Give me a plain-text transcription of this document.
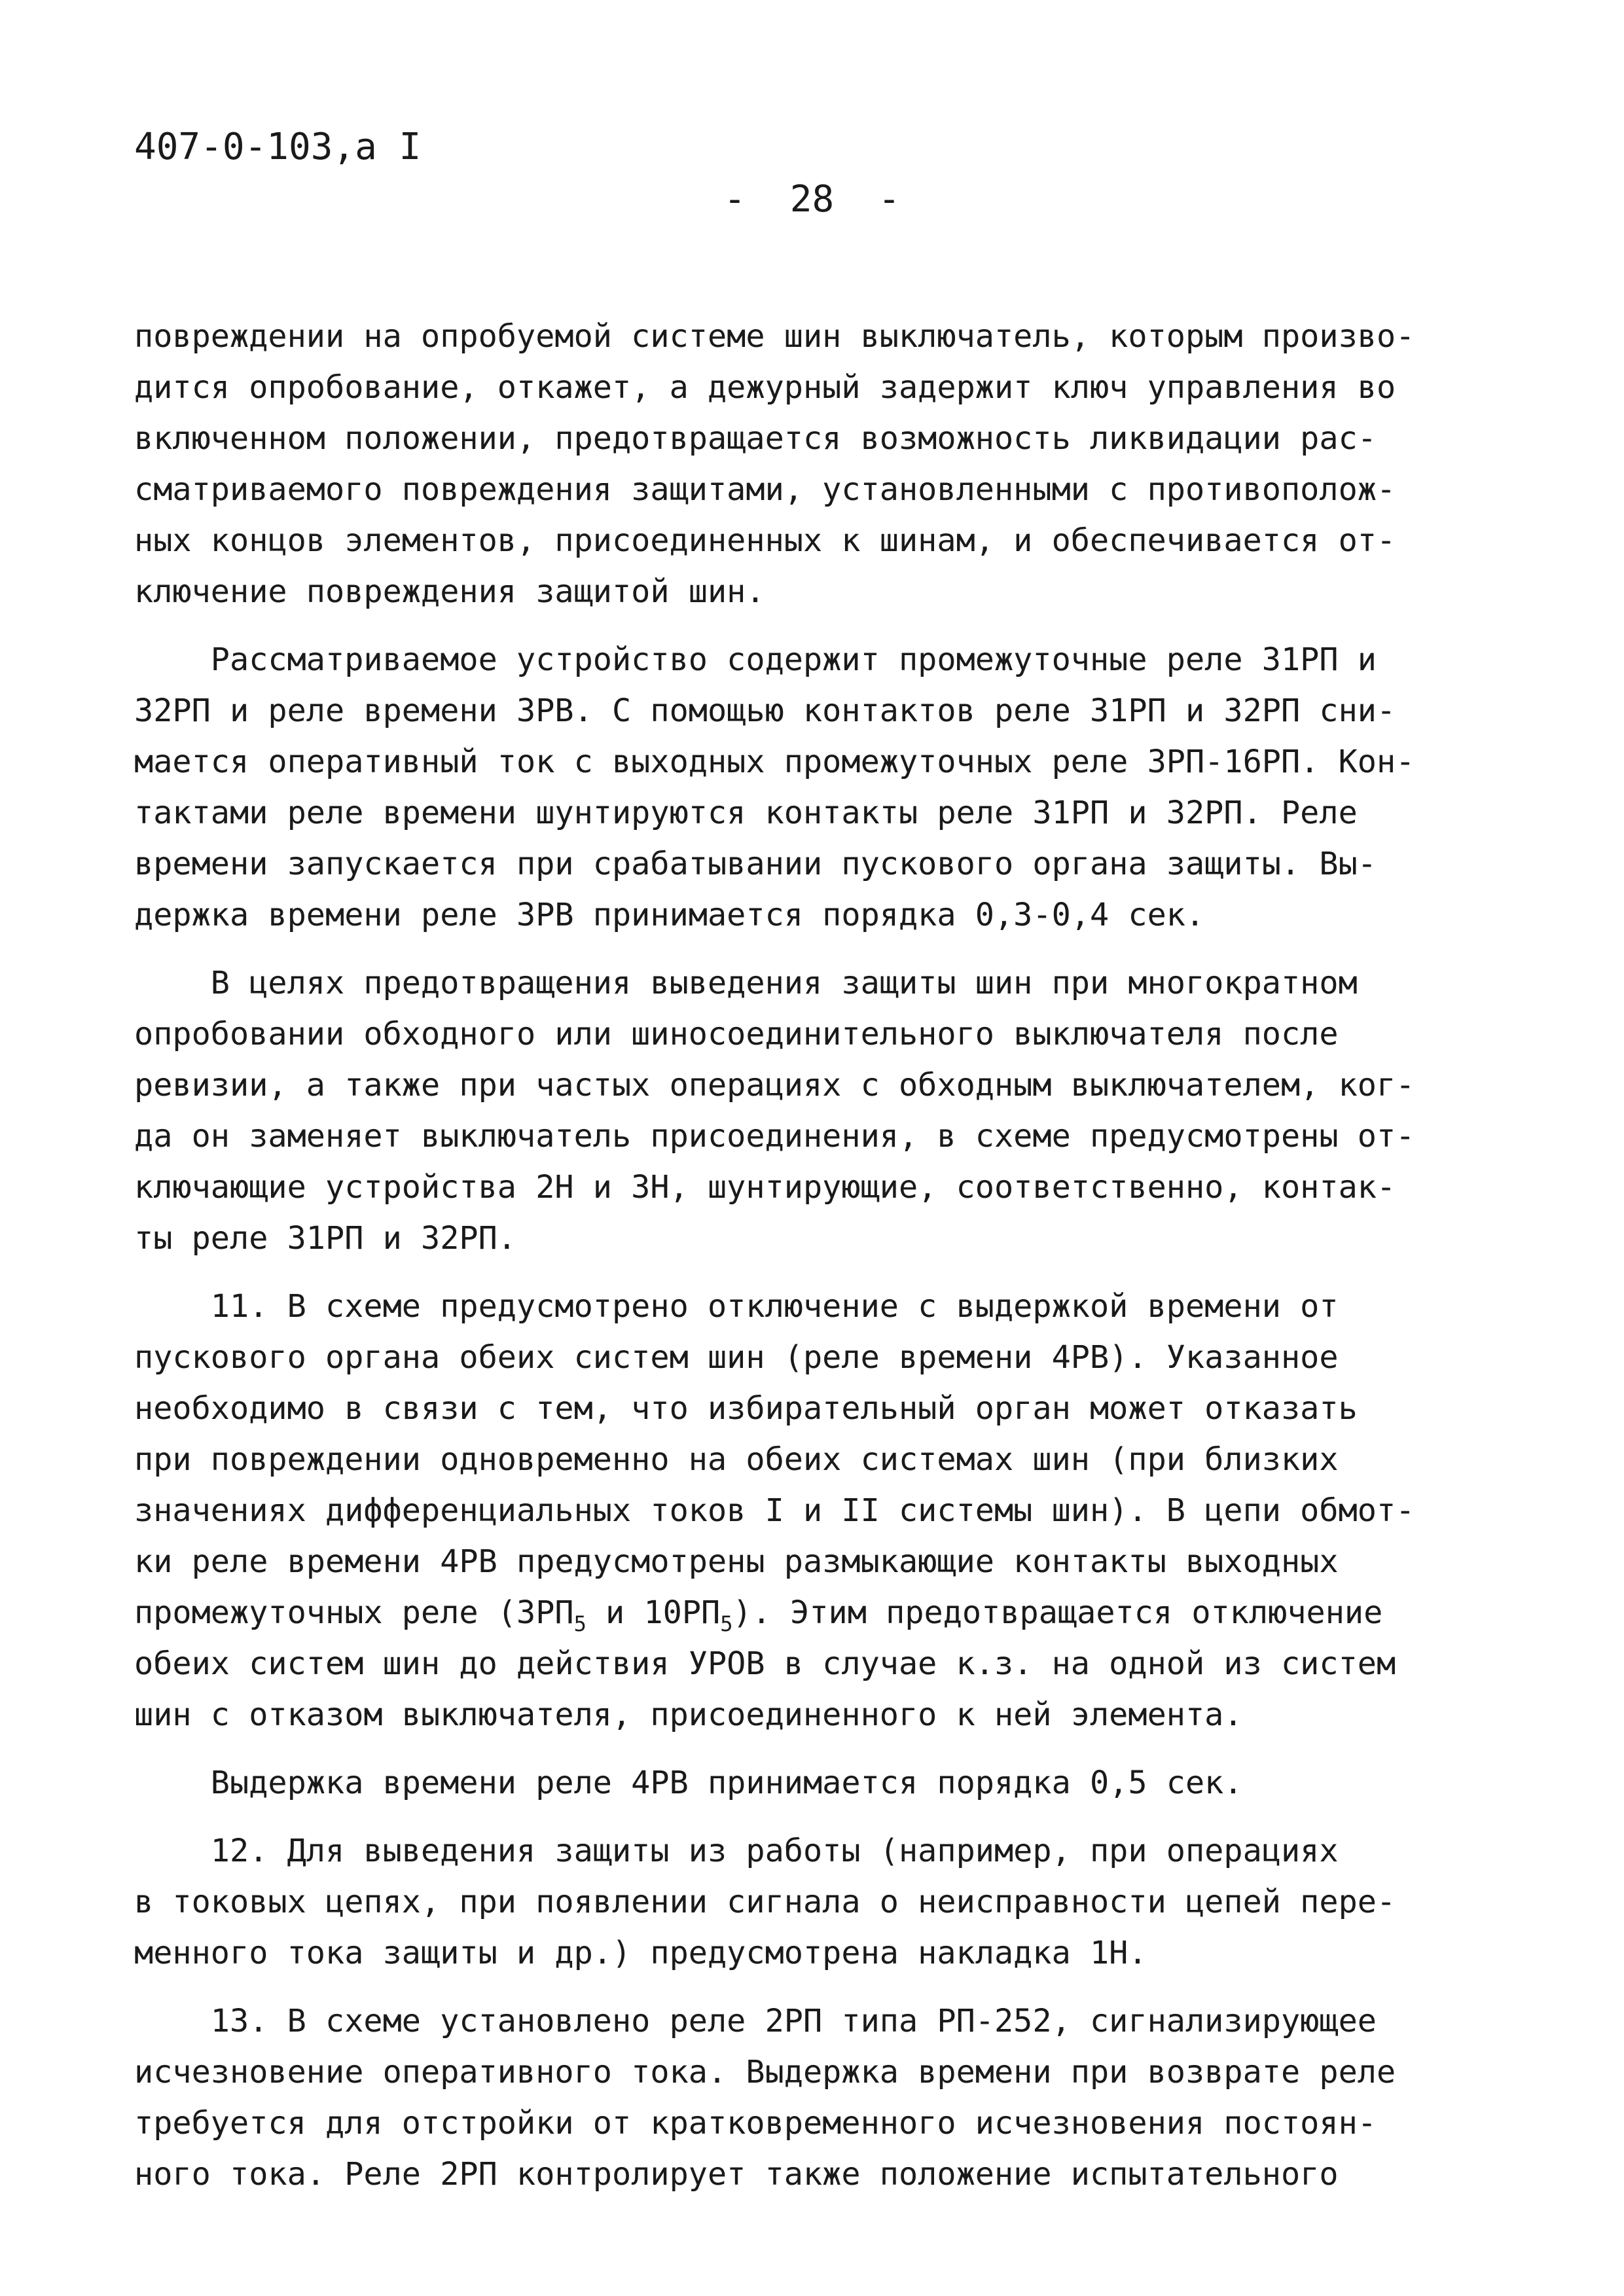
407-0-103,а I
-  28  -
повреждении на опробуемой системе шин выключатель, которым произво-
дится опробование, откажет, а дежурный задержит ключ управления во
включенном положении, предотвращается возможность ликвидации рас-
сматриваемого повреждения защитами, установленными с противополож-
ных концов элементов, присоединенных к шинам, и обеспечивается от-
ключение повреждения защитой шин.
Рассматриваемое устройство содержит промежуточные реле 31РП и
32РП и реле времени 3РВ. С помощью контактов реле 31РП и 32РП сни-
мается оперативный ток с выходных промежуточных реле 3РП-16РП. Кон-
тактами реле времени шунтируются контакты реле 31РП и 32РП. Реле
времени запускается при срабатывании пускового органа защиты. Вы-
держка времени реле 3РВ принимается порядка 0,3-0,4 сек.
В целях предотвращения выведения защиты шин при многократном
опробовании обходного или шиносоединительного выключателя после
ревизии, а также при частых операциях с обходным выключателем, ког-
да он заменяет выключатель присоединения, в схеме предусмотрены от-
ключающие устройства 2Н и 3Н, шунтирующие, соответственно, контак-
ты реле 31РП и 32РП.
11. В схеме предусмотрено отключение с выдержкой времени от
пускового органа обеих систем шин (реле времени 4РВ). Указанное
необходимо в связи с тем, что избирательный орган может отказать
при повреждении одновременно на обеих системах шин (при близких
значениях дифференциальных токов I и II системы шин). В цепи обмот-
ки реле времени 4РВ предусмотрены размыкающие контакты выходных
промежуточных реле ($3РП_5$ и $10РП_5$). Этим предотвращается отключение
обеих систем шин до действия УРОВ в случае к.з. на одной из систем
шин с отказом выключателя, присоединенного к ней элемента.
Выдержка времени реле 4РВ принимается порядка 0,5 сек.
12. Для выведения защиты из работы (например, при операциях
в токовых цепях, при появлении сигнала о неисправности цепей пере-
менного тока защиты и др.) предусмотрена накладка 1Н.
13. В схеме установлено реле 2РП типа РП-252, сигнализирующее
исчезновение оперативного тока. Выдержка времени при возврате реле
требуется для отстройки от кратковременного исчезновения постоян-
ного тока. Реле 2РП контролирует также положение испытательного
